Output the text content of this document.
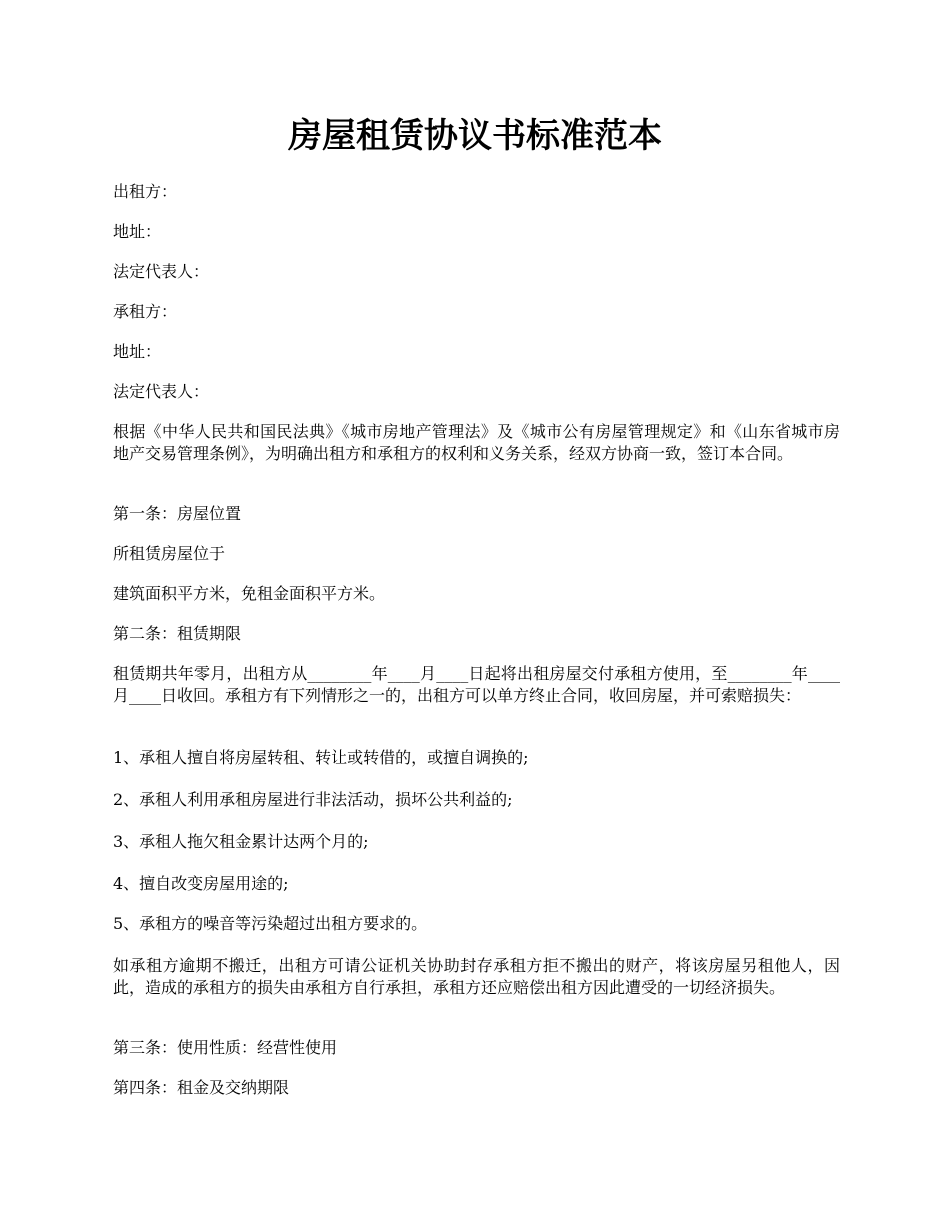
房屋租赁协议书标准范本

出租方：

地址：

法定代表人：

承租方：

地址：

法定代表人：

根据《中华人民共和国民法典》《城市房地产管理法》及《城市公有房屋管理规定》和《山东省城市房地产交易管理条例》，为明确出租方和承租方的权利和义务关系，经双方协商一致，签订本合同。

第一条：房屋位置

所租赁房屋位于

建筑面积平方米，免租金面积平方米。

第二条：租赁期限

租赁期共年零月，出租方从________年____月____日起将出租房屋交付承租方使用，至________年____月____日收回。承租方有下列情形之一的，出租方可以单方终止合同，收回房屋，并可索赔损失：

1、承租人擅自将房屋转租、转让或转借的，或擅自调换的;

2、承租人利用承租房屋进行非法活动，损坏公共利益的;

3、承租人拖欠租金累计达两个月的;

4、擅自改变房屋用途的;

5、承租方的噪音等污染超过出租方要求的。

如承租方逾期不搬迁，出租方可请公证机关协助封存承租方拒不搬出的财产，将该房屋另租他人，因此，造成的承租方的损失由承租方自行承担，承租方还应赔偿出租方因此遭受的一切经济损失。

第三条：使用性质：经营性使用

第四条：租金及交纳期限
